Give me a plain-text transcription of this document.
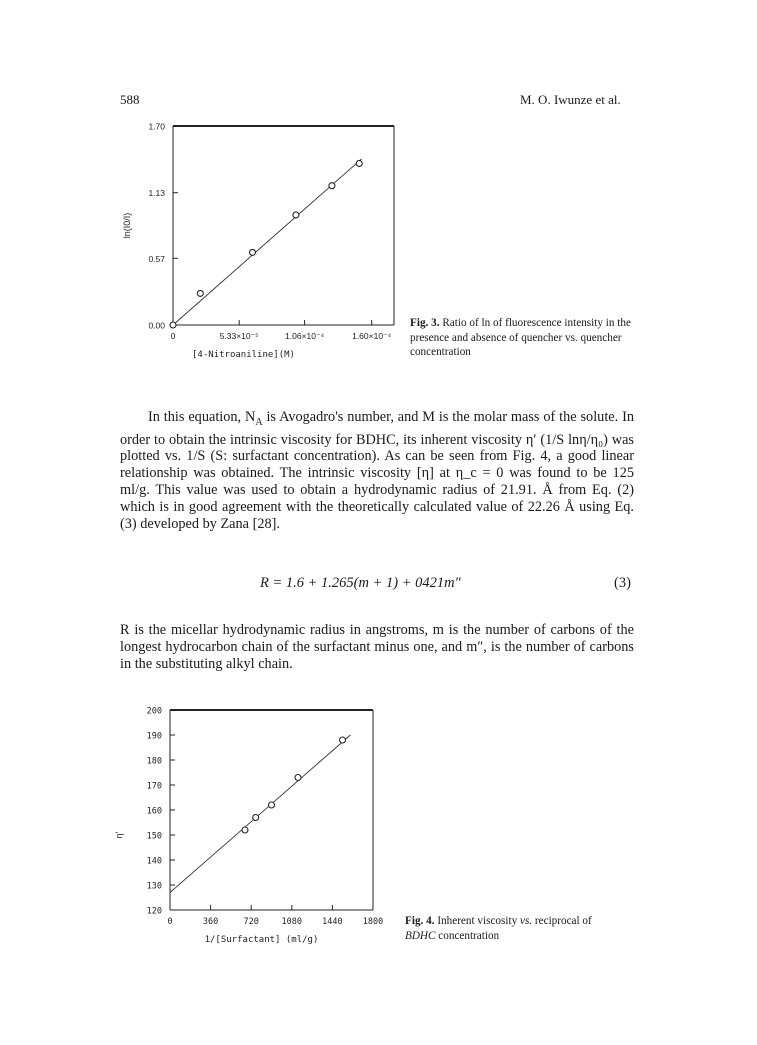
588	M. O. Iwunze et al.
0.00
0.57
1.13
1.70
0	5.33×10⁻⁵	1.06×10⁻⁴	1.60×10⁻⁴
[4-Nitroaniline](M)
ln(I0/I)
Fig. 3. Ratio of ln of fluorescence intensity in the presence and absence of quencher vs. quencher concentration

In this equation, $N_A$ is Avogadro's number, and M is the molar mass of the solute. In order to obtain the intrinsic viscosity for BDHC, its inherent viscosity η′ (1/S lnη/η₀) was plotted vs. 1/S (S: surfactant concentration). As can be seen from Fig. 4, a good linear relationship was obtained. The intrinsic viscosity [η] at η_c = 0 was found to be 125 ml/g. This value was used to obtain a hydrodynamic radius of 21.91. Å from Eq. (2) which is in good agreement with the theoretically calculated value of 22.26 Å using Eq. (3) developed by Zana [28].

R = 1.6 + 1.265(m + 1) + 0421m″	(3)
R is the micellar hydrodynamic radius in angstroms, m is the number of carbons of the longest hydrocarbon chain of the surfactant minus one, and m″, is the number of carbons in the substituting alkyl chain.
120
130
140
150
160
170
180
190
200
0	360	720	1080 1440 1800
1/[Surfactant] (ml/g)
η′
Fig. 4. Inherent viscosity vs. reciprocal of
BDHC concentration
